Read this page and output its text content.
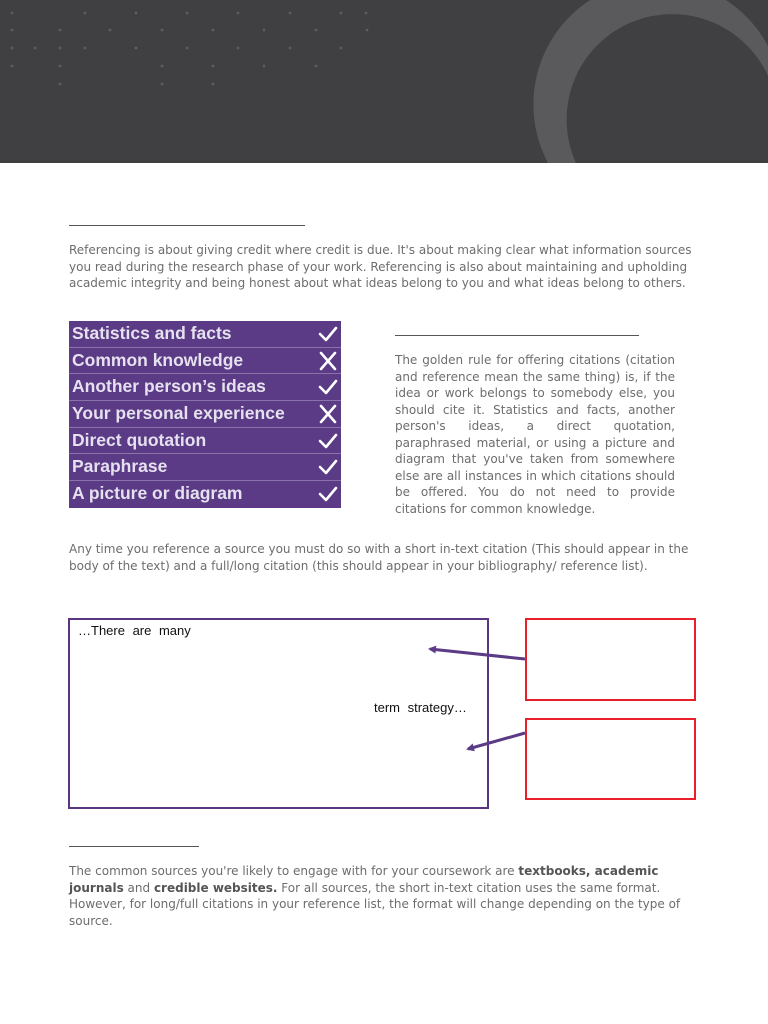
Referencing is about giving credit where credit is due. It's about making clear what information sources you read during the research phase of your work. Referencing is also about maintaining and upholding academic integrity and being honest about what ideas belong to you and what ideas belong to others.

Statistics and facts
Common knowledge
Another person’s ideas
Your personal experience
Direct quotation
Paraphrase
A picture or diagram

The golden rule for offering citations (citation and reference mean the same thing) is, if the idea or work belongs to somebody else, you should cite it. Statistics and facts, another person's ideas, a direct quotation, paraphrased material, or using a picture and diagram that you've taken from somewhere else are all instances in which citations should be offered. You do not need to provide citations for common knowledge.

Any time you reference a source you must do so with a short in-text citation (This should appear in the body of the text) and a full/long citation (this should appear in your bibliography/ reference list).

…There are many
term strategy…

The common sources you're likely to engage with for your coursework are textbooks, academic journals and credible websites. For all sources, the short in-text citation uses the same format. However, for long/full citations in your reference list, the format will change depending on the type of source.
